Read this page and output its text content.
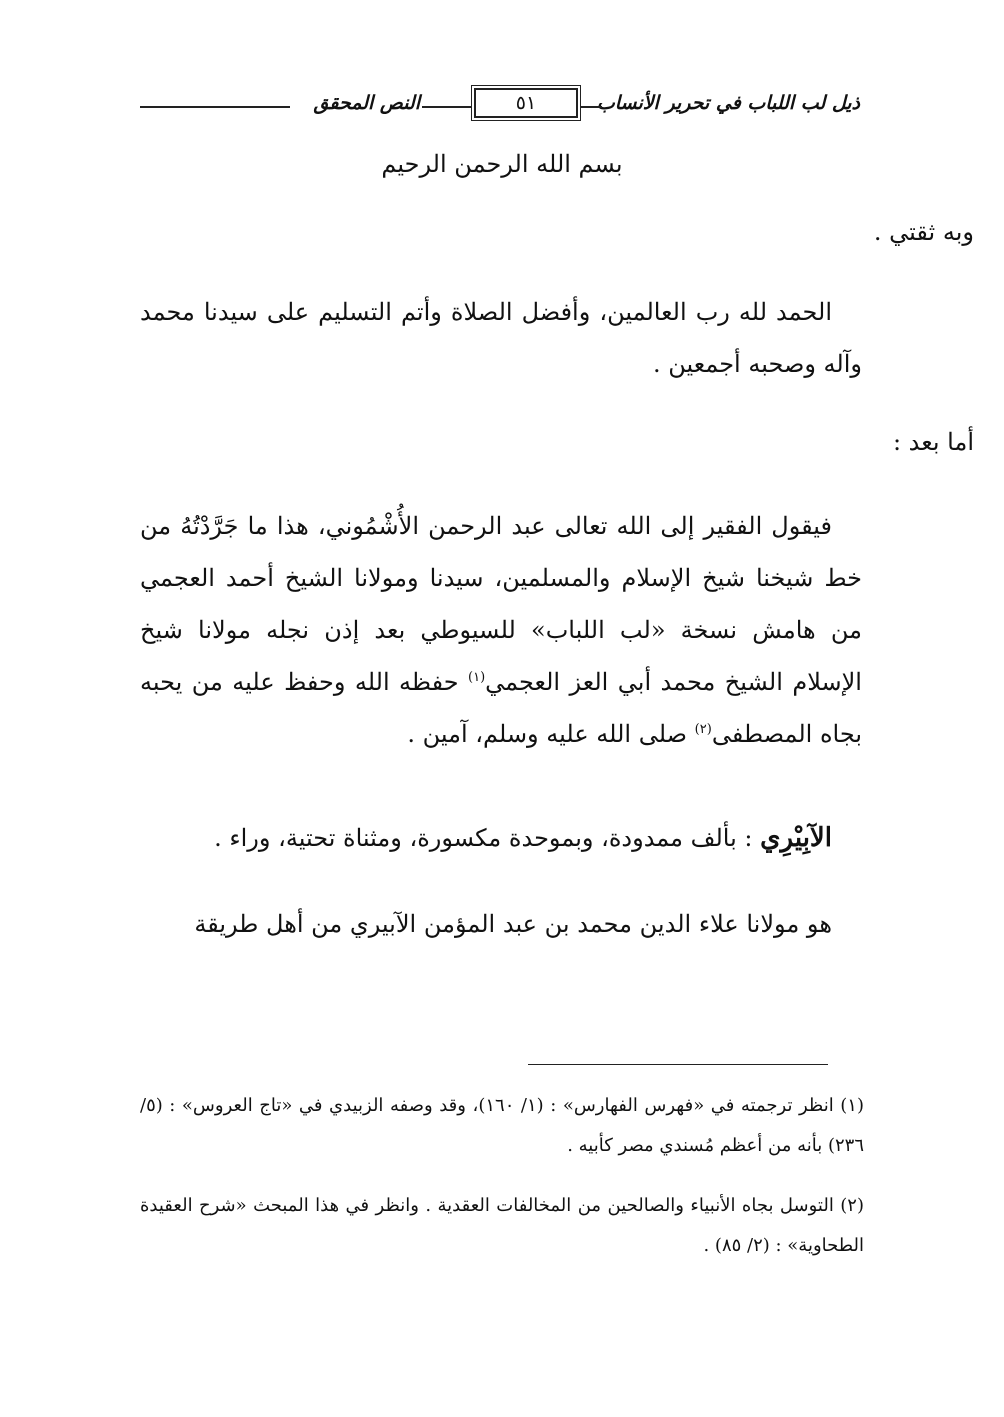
ذيل لب اللباب في تحرير الأنساب
٥١
النص المحقق
بسم الله الرحمن الرحيم
وبه ثقتي .
الحمد لله رب العالمين، وأفضل الصلاة وأتم التسليم على سيدنا محمد وآله وصحبه أجمعين .
أما بعد :
فيقول الفقير إلى الله تعالى عبد الرحمن الأُشْمُوني، هذا ما جَرَّدْتُهُ من خط شيخنا شيخ الإسلام والمسلمين، سيدنا ومولانا الشيخ أحمد العجمي من هامش نسخة «لب اللباب» للسيوطي بعد إذن نجله مولانا شيخ الإسلام الشيخ محمد أبي العز العجمي$^{(١)}$ حفظه الله وحفظ عليه من يحبه بجاه المصطفى$^{(٢)}$ صلى الله عليه وسلم، آمين .
الآبِيْرِي : بألف ممدودة، وبموحدة مكسورة، ومثناة تحتية، وراء .
هو مولانا علاء الدين محمد بن عبد المؤمن الآبيري من أهل طريقة
(١) انظر ترجمته في «فهرس الفهارس» : (١/ ١٦٠)، وقد وصفه الزبيدي في «تاج العروس» : (٥/ ٢٣٦) بأنه من أعظم مُسندي مصر كأبيه .
(٢) التوسل بجاه الأنبياء والصالحين من المخالفات العقدية . وانظر في هذا المبحث «شرح العقيدة الطحاوية» : (٢/ ٨٥) .
